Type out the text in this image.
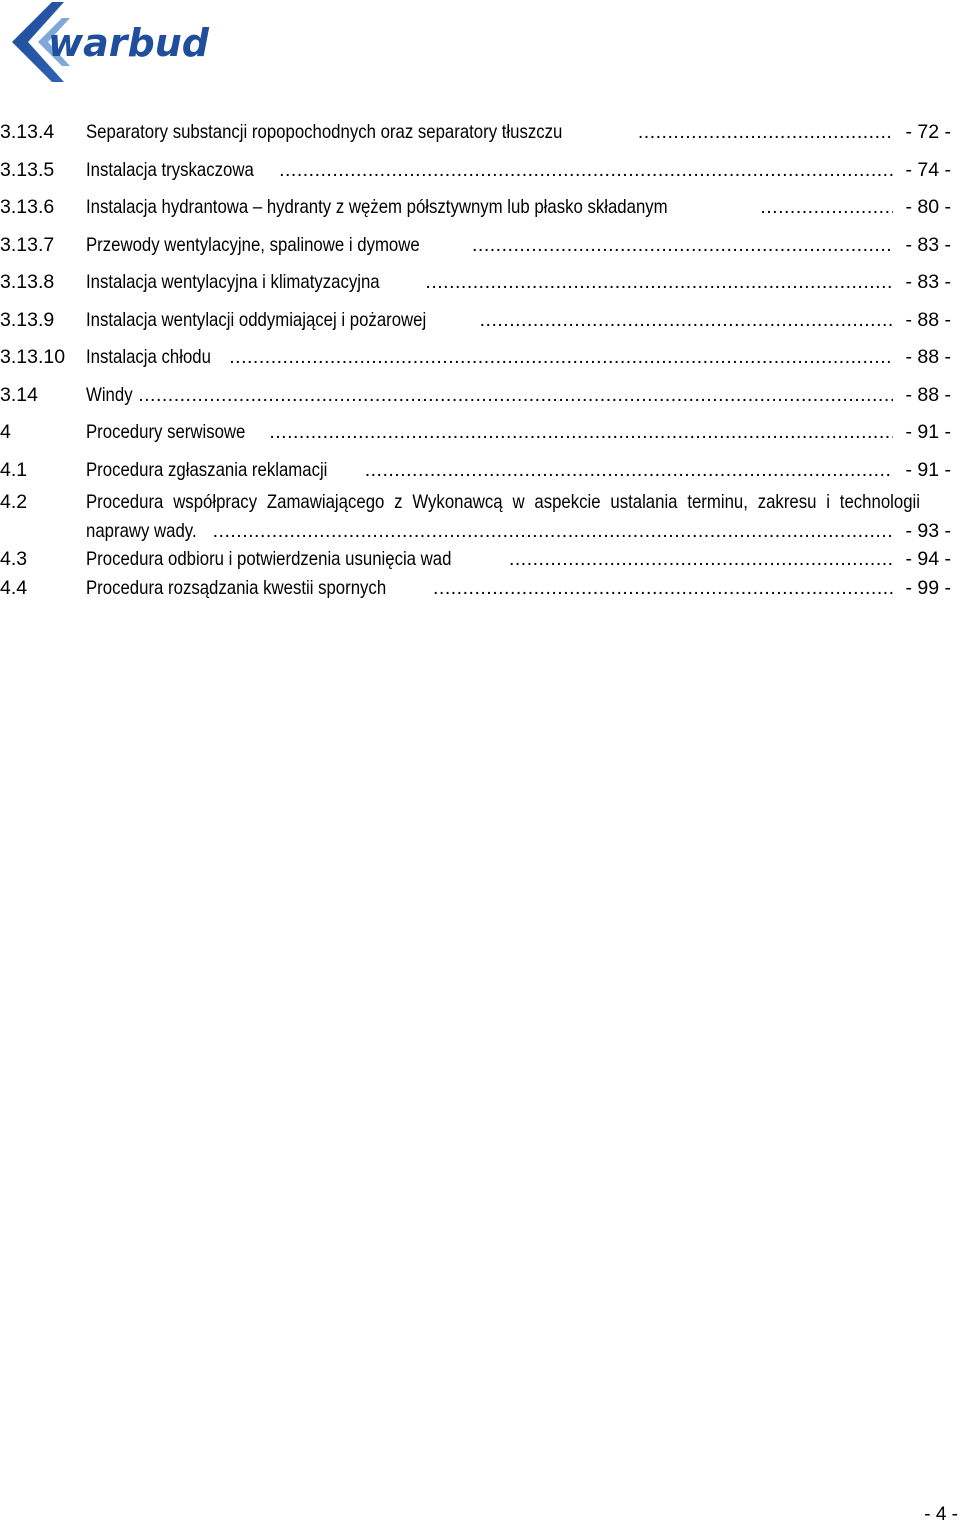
warbud
3.13.4	Separatory substancji ropopochodnych oraz separatory tłuszczu .....	- 72 -
3.13.5	Instalacja tryskaczowa .....	- 74 -
3.13.6	Instalacja hydrantowa – hydranty z wężem półsztywnym lub płasko składanym .....	- 80 -
3.13.7	Przewody wentylacyjne, spalinowe i dymowe .....	- 83 -
3.13.8	Instalacja wentylacyjna i klimatyzacyjna .....	- 83 -
3.13.9	Instalacja wentylacji oddymiającej i pożarowej .....	- 88 -
3.13.10	Instalacja chłodu .....	- 88 -
3.14	Windy .....	- 88 -
4	Procedury serwisowe .....	- 91 -
4.1	Procedura zgłaszania reklamacji .....	- 91 -
4.2	Procedura współpracy Zamawiającego z Wykonawcą w aspekcie ustalania terminu, zakresu i technologii
naprawy wady. .....	- 93 -
4.3	Procedura odbioru i potwierdzenia usunięcia wad .....	- 94 -
4.4	Procedura rozsądzania kwestii spornych .....	- 99 -
- 4 -
